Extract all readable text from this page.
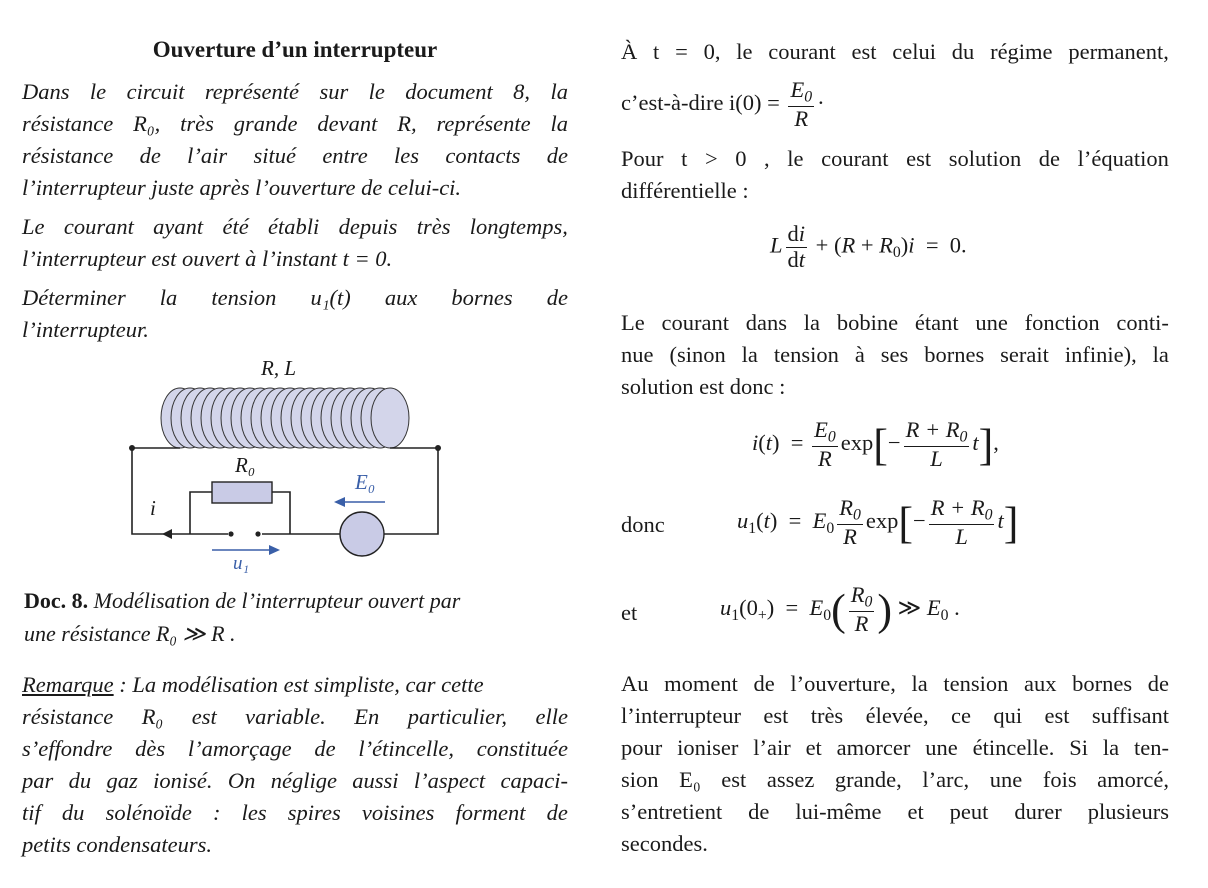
Ouverture d’un interrupteur
Dans le circuit représenté sur le document 8, la
résistance R₀, très grande devant R, représente la
résistance de l’air situé entre les contacts de
l’interrupteur juste après l’ouverture de celui-ci.
Le courant ayant été établi depuis très longtemps,
l’interrupteur est ouvert à l’instant t = 0.
Déterminer la tension u₁(t) aux bornes de
l’interrupteur.
R, L
R₀
E₀
i
u₁
Doc. 8. Modélisation de l’interrupteur ouvert par
une résistance R₀ ≫ R .
Remarque : La modélisation est simpliste, car cette
résistance R₀ est variable. En particulier, elle
s’effondre dès l’amorçage de l’étincelle, constituée
par du gaz ionisé. On néglige aussi l’aspect capaci-
tif du solénoïde : les spires voisines forment de
petits condensateurs.
À t = 0, le courant est celui du régime permanent,
c’est-à-dire $i(0) = \frac{E_0}{R}$ ·
Pour t > 0 , le courant est solution de l’équation
différentielle :
L $\frac{di}{dt} + (R + R_0)i = 0$.
Le courant dans la bobine étant une fonction conti-
nue (sinon la tension à ses bornes serait infinie), la
solution est donc :
$i(t) = \frac{E_0}{R} \exp[- \frac{R + R_0}{L} t]$,
donc	$u_1(t) = E_0 \frac{R_0}{R} \exp[- \frac{R + R_0}{L} t]$
et	$u_1(0_+) = E_0( \frac{R_0}{R}$ ) ≫ $E_0$ .
Au moment de l’ouverture, la tension aux bornes de
l’interrupteur est très élevée, ce qui est suffisant
pour ioniser l’air et amorcer une étincelle. Si la ten-
sion E₀ est assez grande, l’arc, une fois amorcé,
s’entretient de lui-même et peut durer plusieurs
secondes.
